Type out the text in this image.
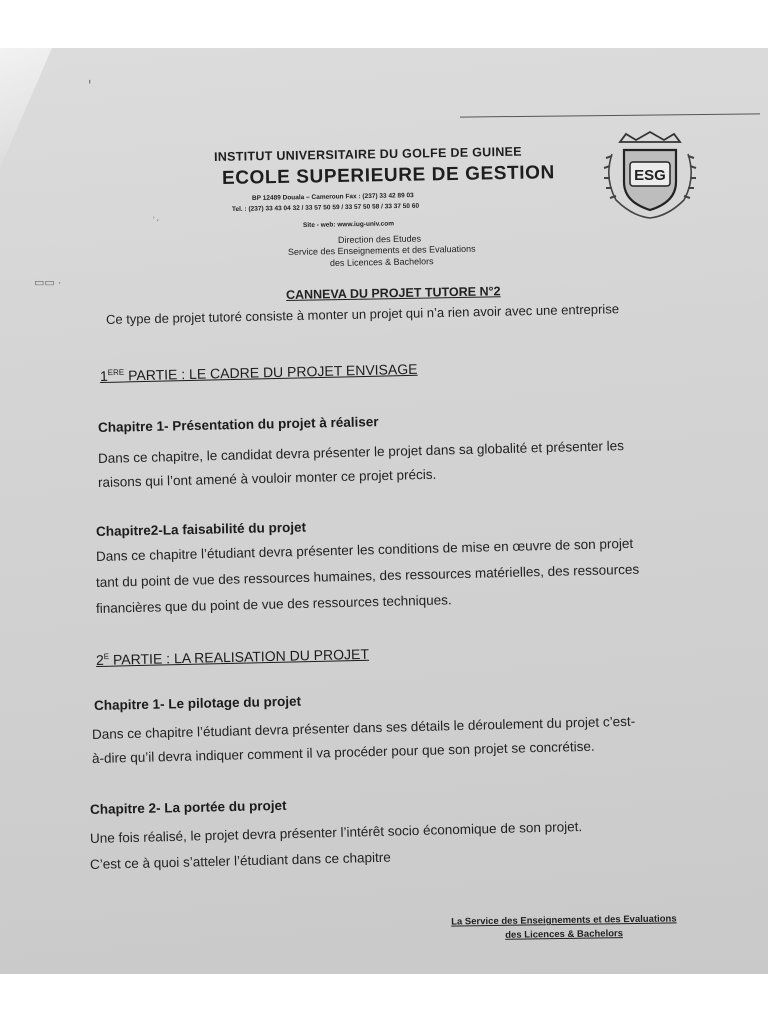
▭▭ ·
ˈ
˒ˏ
INSTITUT UNIVERSITAIRE DU GOLFE DE GUINEE
ECOLE SUPERIEURE DE GESTION
BP 12489 Douala – Cameroun Fax : (237) 33 42 89 03
Tel. : (237) 33 43 04 32 / 33 57 50 59 / 33 57 50 58 / 33 37 50 60
Site - web: www.iug-univ.com
Direction des Etudes
Service des Enseignements et des Evaluations
des Licences & Bachelors
ESG
CANNEVA DU PROJET TUTORE N°2
Ce type de projet tutoré consiste à monter un projet qui n’a rien avoir avec une entreprise
1ERE PARTIE : LE CADRE DU PROJET ENVISAGE
Chapitre 1- Présentation du projet à réaliser
Dans ce chapitre, le candidat devra présenter le projet dans sa globalité et présenter les
raisons qui l’ont amené à vouloir monter ce projet précis.
Chapitre2-La faisabilité du projet
Dans ce chapitre l’étudiant devra présenter les conditions de mise en œuvre de son projet
tant du point de vue des ressources humaines, des ressources matérielles, des ressources
financières que du point de vue des ressources techniques.
$2^E$ PARTIE : LA REALISATION DU PROJET
Chapitre 1- Le pilotage du projet
Dans ce chapitre l’étudiant devra présenter dans ses détails le déroulement du projet c’est-
à-dire qu’il devra indiquer comment il va procéder pour que son projet se concrétise.
Chapitre 2- La portée du projet
Une fois réalisé, le projet devra présenter l’intérêt socio économique de son projet.
C’est ce à quoi s’atteler l’étudiant dans ce chapitre
La Service des Enseignements et des Evaluations
des Licences & Bachelors
